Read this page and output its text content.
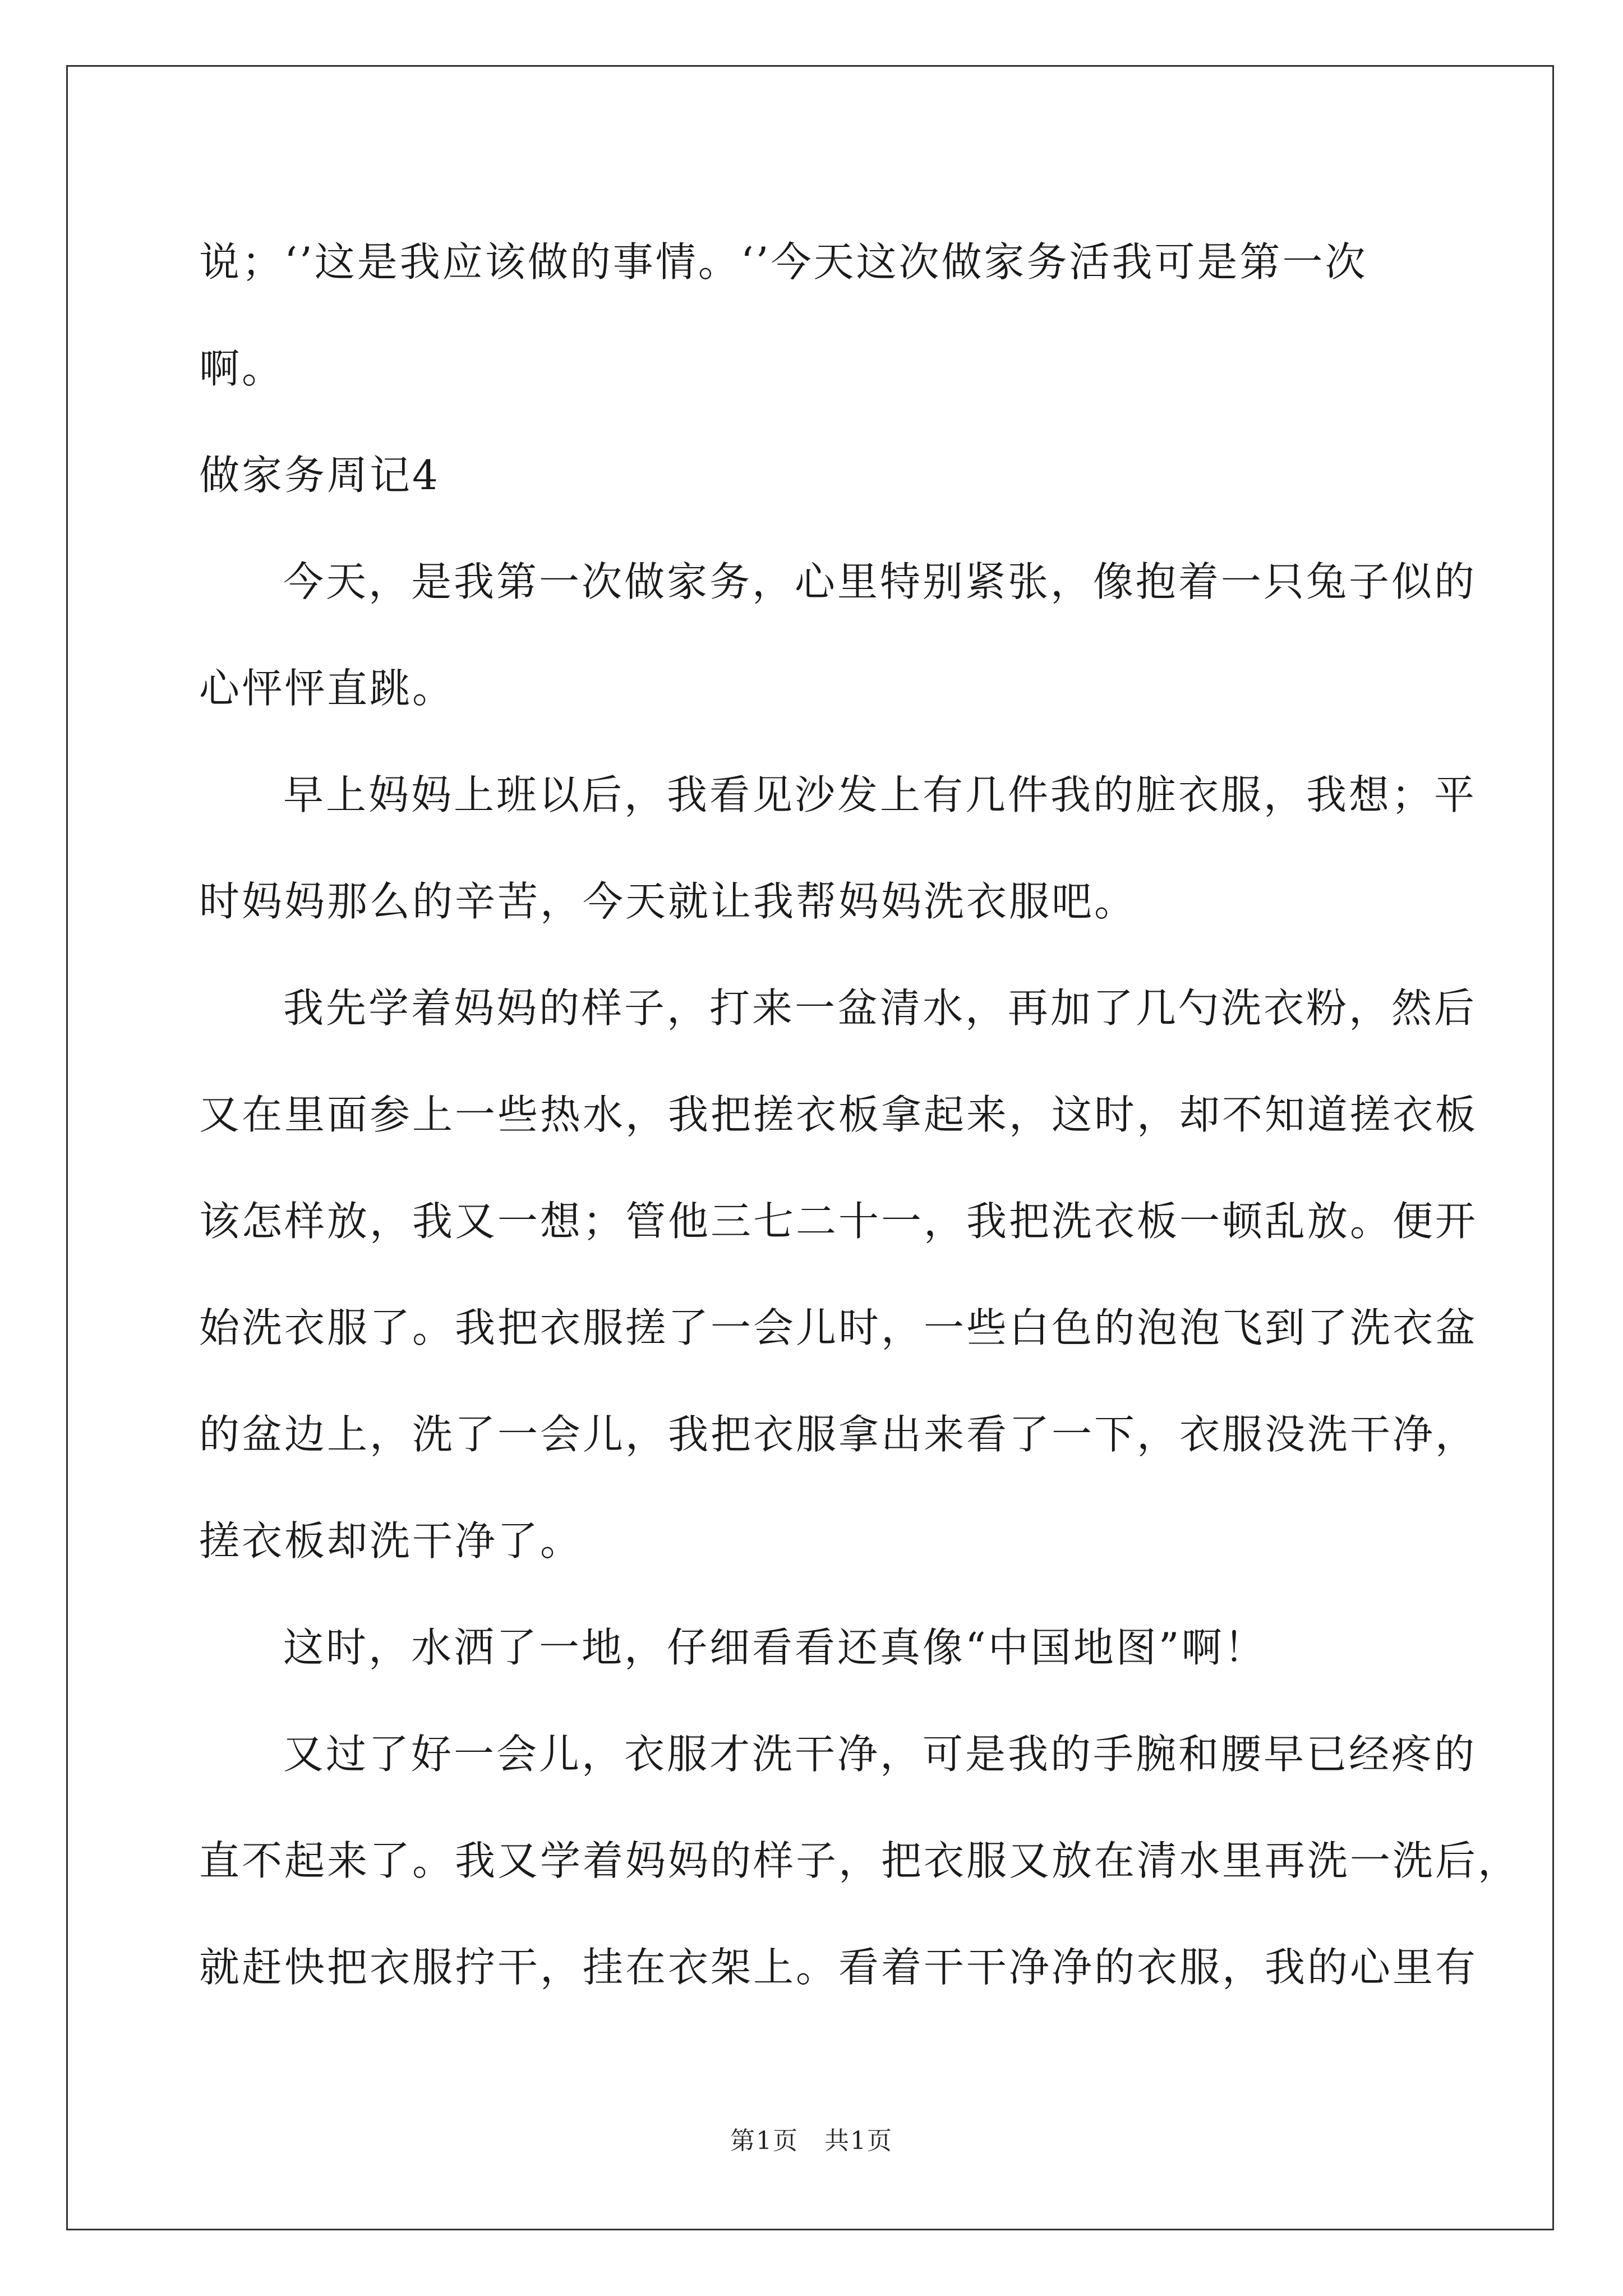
说；‘’这是我应该做的事情。‘’今天这次做家务活我可是第一次
啊。
做家务周记4
今天，是我第一次做家务，心里特别紧张，像抱着一只兔子似的
心怦怦直跳。
早上妈妈上班以后，我看见沙发上有几件我的脏衣服，我想；平
时妈妈那么的辛苦，今天就让我帮妈妈洗衣服吧。
我先学着妈妈的样子，打来一盆清水，再加了几勺洗衣粉，然后
又在里面参上一些热水，我把搓衣板拿起来，这时，却不知道搓衣板
该怎样放，我又一想；管他三七二十一，我把洗衣板一顿乱放。便开
始洗衣服了。我把衣服搓了一会儿时，一些白色的泡泡飞到了洗衣盆
的盆边上，洗了一会儿，我把衣服拿出来看了一下，衣服没洗干净，
搓衣板却洗干净了。
这时，水洒了一地，仔细看看还真像“中国地图”啊！
又过了好一会儿，衣服才洗干净，可是我的手腕和腰早已经疼的
直不起来了。我又学着妈妈的样子，把衣服又放在清水里再洗一洗后，
就赶快把衣服拧干，挂在衣架上。看着干干净净的衣服，我的心里有
第1页　共1页
